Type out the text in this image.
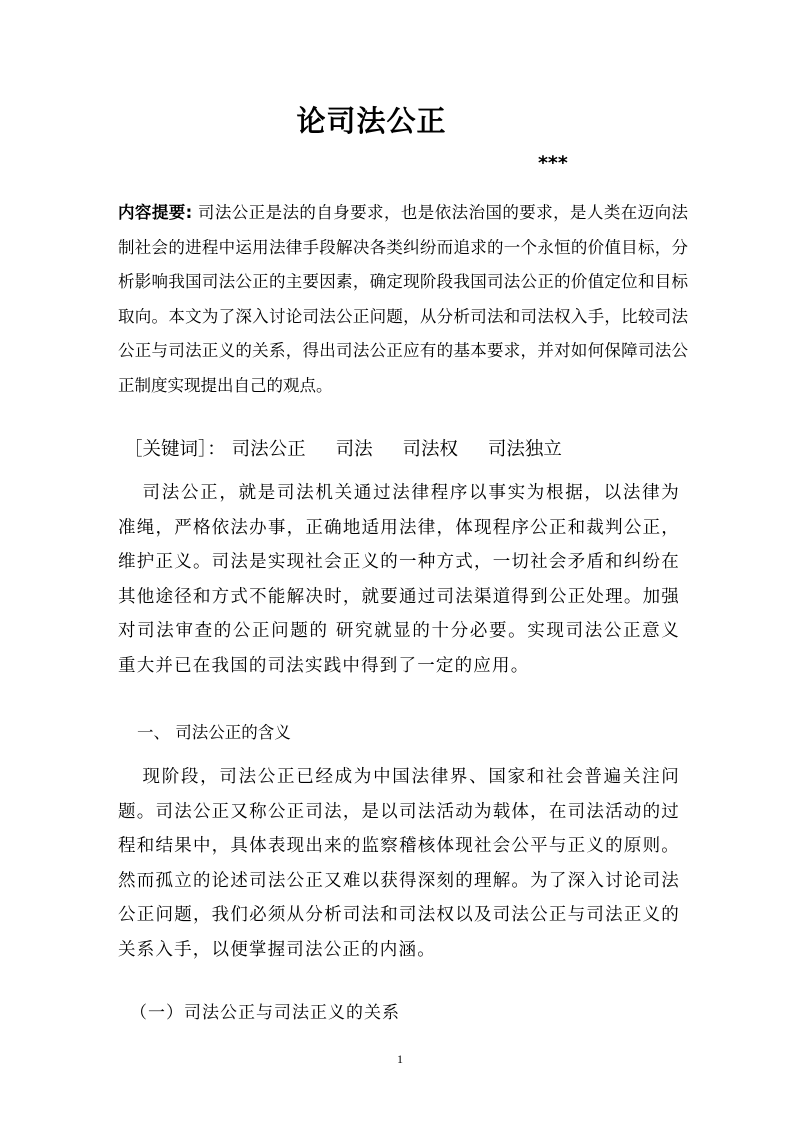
论司法公正
***
内容提要: 司法公正是法的自身要求，也是依法治国的要求，是人类在迈向法制社会的进程中运用法律手段解决各类纠纷而追求的一个永恒的价值目标，分析影响我国司法公正的主要因素，确定现阶段我国司法公正的价值定位和目标取向。本文为了深入讨论司法公正问题，从分析司法和司法权入手，比较司法公正与司法正义的关系，得出司法公正应有的基本要求，并对如何保障司法公正制度实现提出自己的观点。
［关键词］： 司法公正 司法 司法权 司法独立
司法公正，就是司法机关通过法律程序以事实为根据，以法律为准绳，严格依法办事，正确地适用法律，体现程序公正和裁判公正，维护正义。司法是实现社会正义的一种方式，一切社会矛盾和纠纷在其他途径和方式不能解决时，就要通过司法渠道得到公正处理。加强对司法审查的公正问题的 研究就显的十分必要。实现司法公正意义重大并已在我国的司法实践中得到了一定的应用。
一、 司法公正的含义
现阶段，司法公正已经成为中国法律界、国家和社会普遍关注问题。司法公正又称公正司法，是以司法活动为载体，在司法活动的过程和结果中，具体表现出来的监察稽核体现社会公平与正义的原则。然而孤立的论述司法公正又难以获得深刻的理解。为了深入讨论司法公正问题，我们必须从分析司法和司法权以及司法公正与司法正义的关系入手，以便掌握司法公正的内涵。
（一）司法公正与司法正义的关系
1
